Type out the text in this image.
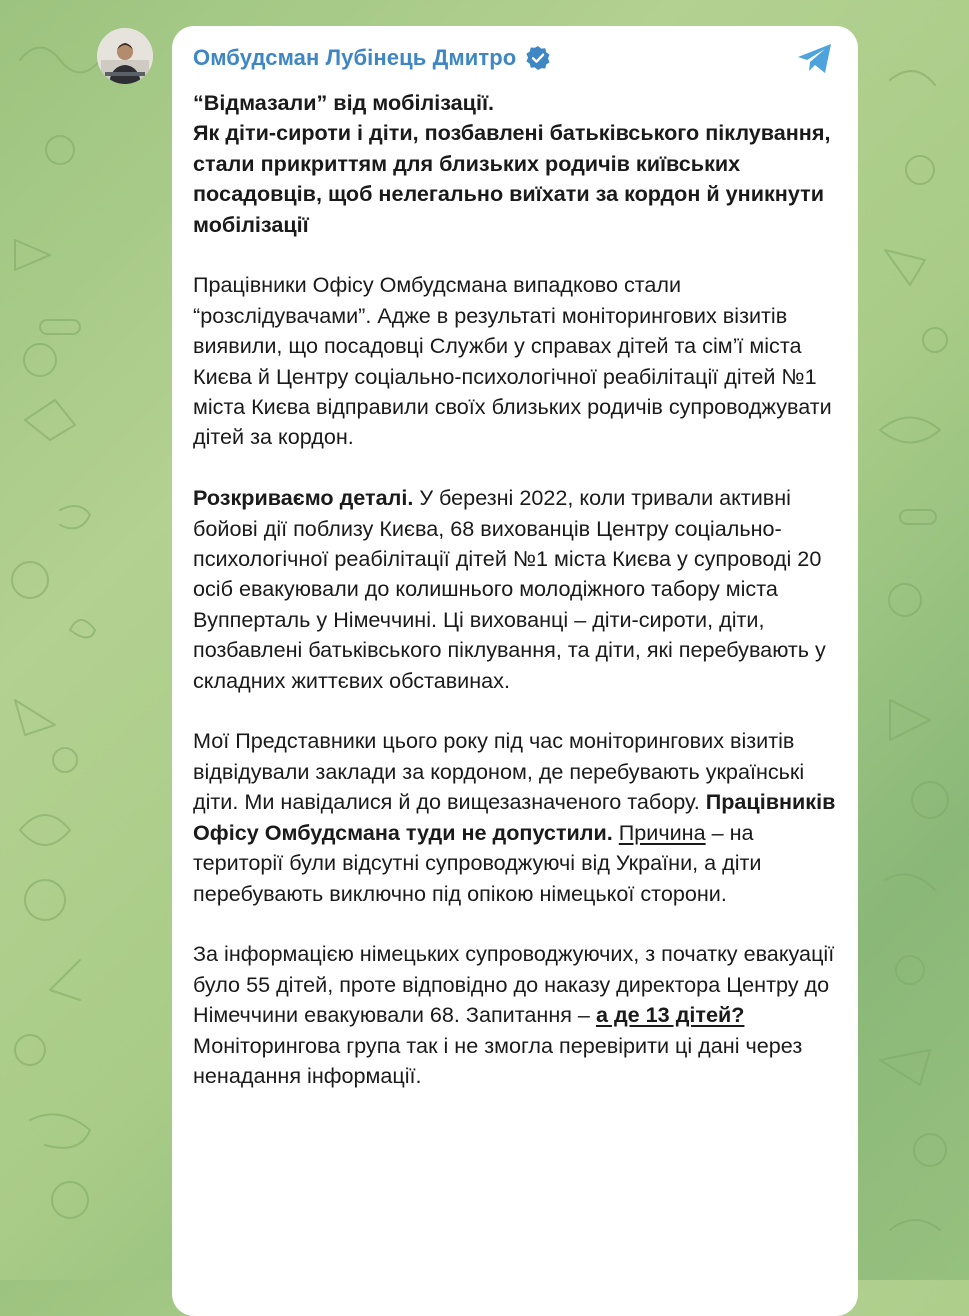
Омбудсман Лубінець Дмитро

“Відмазали” від мобілізації.
Як діти-сироти і діти, позбавлені батьківського піклування, стали прикриттям для близьких родичів київських посадовців, щоб нелегально виїхати за кордон й уникнути мобілізації

Працівники Офісу Омбудсмана випадково стали “розслідувачами”. Адже в результаті моніторингових візитів виявили, що посадовці Служби у справах дітей та сім’ї міста Києва й Центру соціально-психологічної реабілітації дітей №1 міста Києва відправили своїх близьких родичів супроводжувати дітей за кордон.

Розкриваємо деталі. У березні 2022, коли тривали активні бойові дії поблизу Києва, 68 вихованців Центру соціально-психологічної реабілітації дітей №1 міста Києва у супроводі 20 осіб евакуювали до колишнього молодіжного табору міста Вупперталь у Німеччині. Ці вихованці – діти-сироти, діти, позбавлені батьківського піклування, та діти, які перебувають у складних життєвих обставинах.

Мої Представники цього року під час моніторингових візитів відвідували заклади за кордоном, де перебувають українські діти. Ми навідалися й до вищезазначеного табору. Працівників Офісу Омбудсмана туди не допустили. Причина – на території були відсутні супроводжуючі від України, а діти перебувають виключно під опікою німецької сторони.

За інформацією німецьких супроводжуючих, з початку евакуації було 55 дітей, проте відповідно до наказу директора Центру до Німеччини евакуювали 68. Запитання – а де 13 дітей? Моніторингова група так і не змогла перевірити ці дані через ненадання інформації.
